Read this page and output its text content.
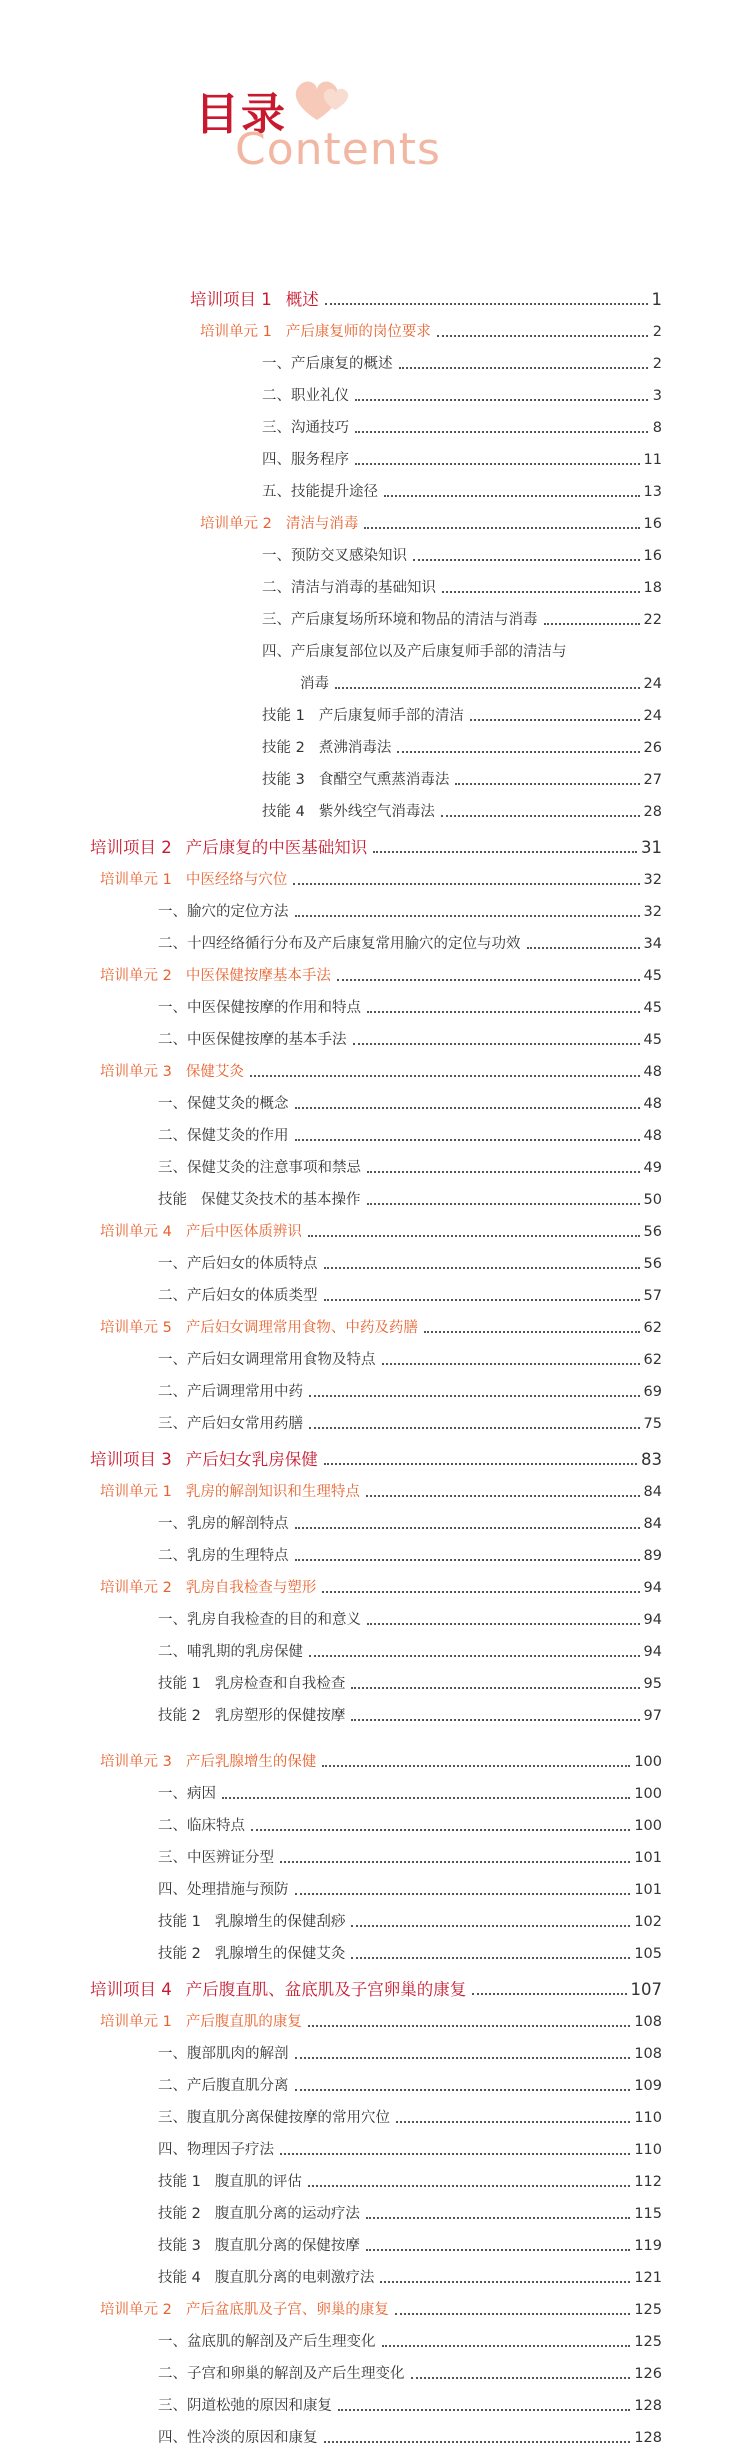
目录
Contents
培训项目 1 概述	1
培训单元 1 产后康复师的岗位要求	2
一、产后康复的概述	2
二、职业礼仪	3
三、沟通技巧	8
四、服务程序	11
五、技能提升途径	13
培训单元 2 清洁与消毒	16
一、预防交叉感染知识	16
二、清洁与消毒的基础知识	18
三、产后康复场所环境和物品的清洁与消毒	22
四、产后康复部位以及产后康复师手部的清洁与
消毒	24
技能 1 产后康复师手部的清洁	24
技能 2 煮沸消毒法	26
技能 3 食醋空气熏蒸消毒法	27
技能 4 紫外线空气消毒法	28
培训项目 2 产后康复的中医基础知识	31
培训单元 1 中医经络与穴位	32
一、腧穴的定位方法	32
二、十四经络循行分布及产后康复常用腧穴的定位与功效	34
培训单元 2 中医保健按摩基本手法	45
一、中医保健按摩的作用和特点	45
二、中医保健按摩的基本手法	45
培训单元 3 保健艾灸	48
一、保健艾灸的概念	48
二、保健艾灸的作用	48
三、保健艾灸的注意事项和禁忌	49
技能 保健艾灸技术的基本操作	50
培训单元 4 产后中医体质辨识	56
一、产后妇女的体质特点	56
二、产后妇女的体质类型	57
培训单元 5 产后妇女调理常用食物、中药及药膳	62
一、产后妇女调理常用食物及特点	62
二、产后调理常用中药	69
三、产后妇女常用药膳	75
培训项目 3 产后妇女乳房保健	83
培训单元 1 乳房的解剖知识和生理特点	84
一、乳房的解剖特点	84
二、乳房的生理特点	89
培训单元 2 乳房自我检查与塑形	94
一、乳房自我检查的目的和意义	94
二、哺乳期的乳房保健	94
技能 1 乳房检查和自我检查	95
技能 2 乳房塑形的保健按摩	97
培训单元 3 产后乳腺增生的保健	100
一、病因	100
二、临床特点	100
三、中医辨证分型	101
四、处理措施与预防	101
技能 1 乳腺增生的保健刮痧	102
技能 2 乳腺增生的保健艾灸	105
培训项目 4 产后腹直肌、盆底肌及子宫卵巢的康复	107
培训单元 1 产后腹直肌的康复	108
一、腹部肌肉的解剖	108
二、产后腹直肌分离	109
三、腹直肌分离保健按摩的常用穴位	110
四、物理因子疗法	110
技能 1 腹直肌的评估	112
技能 2 腹直肌分离的运动疗法	115
技能 3 腹直肌分离的保健按摩	119
技能 4 腹直肌分离的电刺激疗法	121
培训单元 2 产后盆底肌及子宫、卵巢的康复	125
一、盆底肌的解剖及产后生理变化	125
二、子宫和卵巢的解剖及产后生理变化	126
三、阴道松弛的原因和康复	128
四、性冷淡的原因和康复	128
